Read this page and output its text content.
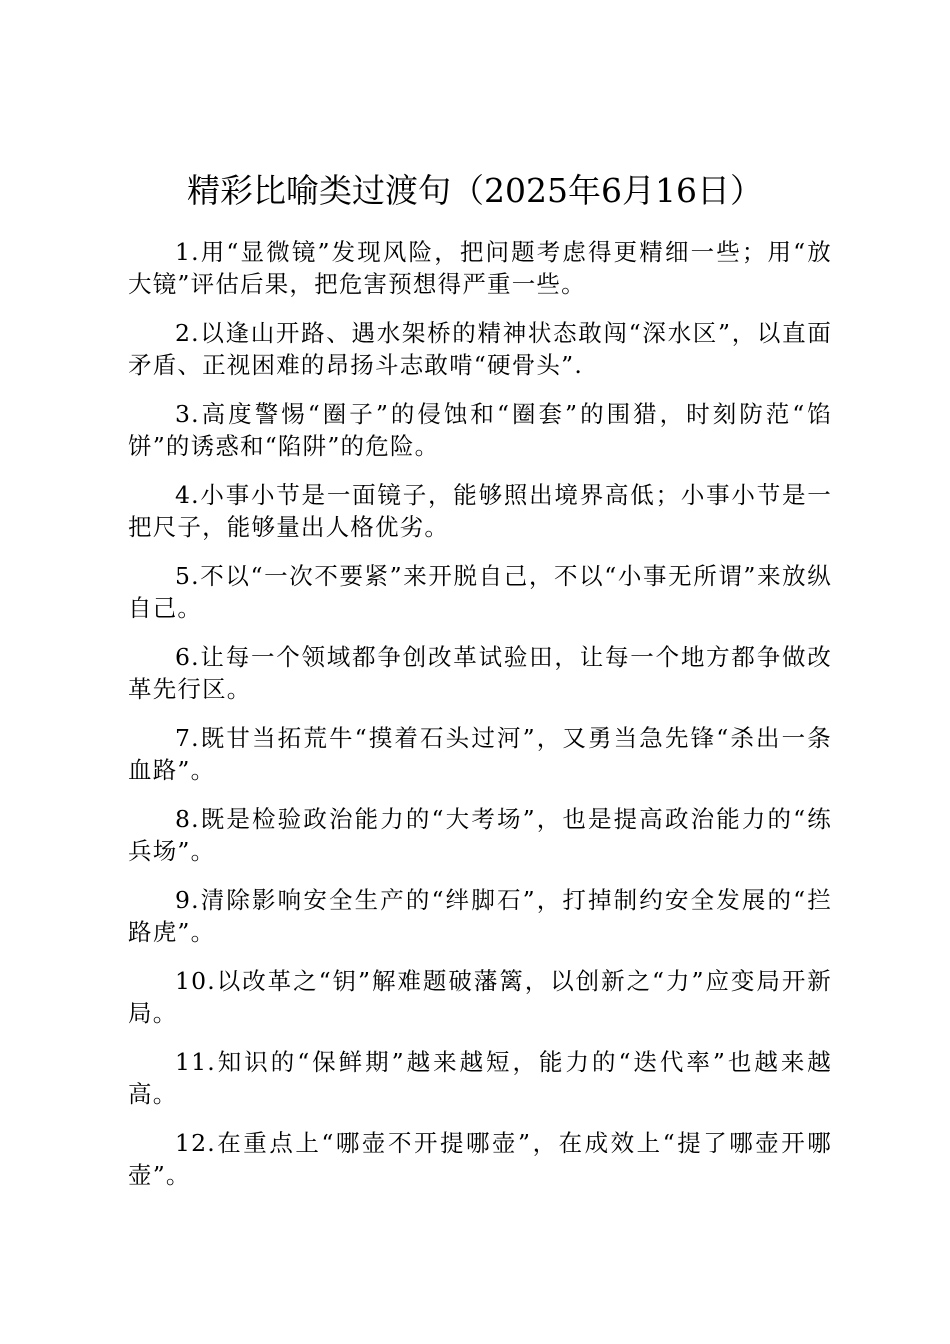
精彩比喻类过渡句（2025年6月16日）

1.用“显微镜”发现风险，把问题考虑得更精细一些；用“放大镜”评估后果，把危害预想得严重一些。

2.以逢山开路、遇水架桥的精神状态敢闯“深水区”，以直面矛盾、正视困难的昂扬斗志敢啃“硬骨头”.

3.高度警惕“圈子”的侵蚀和“圈套”的围猎，时刻防范“馅饼”的诱惑和“陷阱”的危险。

4.小事小节是一面镜子，能够照出境界高低；小事小节是一把尺子，能够量出人格优劣。

5.不以“一次不要紧”来开脱自己，不以“小事无所谓”来放纵自己。

6.让每一个领域都争创改革试验田，让每一个地方都争做改革先行区。

7.既甘当拓荒牛“摸着石头过河”，又勇当急先锋“杀出一条血路”。

8.既是检验政治能力的“大考场”，也是提高政治能力的“练兵场”。

9.清除影响安全生产的“绊脚石”，打掉制约安全发展的“拦路虎”。

10.以改革之“钥”解难题破藩篱，以创新之“力”应变局开新局。

11.知识的“保鲜期”越来越短，能力的“迭代率”也越来越高。

12.在重点上“哪壶不开提哪壶”，在成效上“提了哪壶开哪壶”。
